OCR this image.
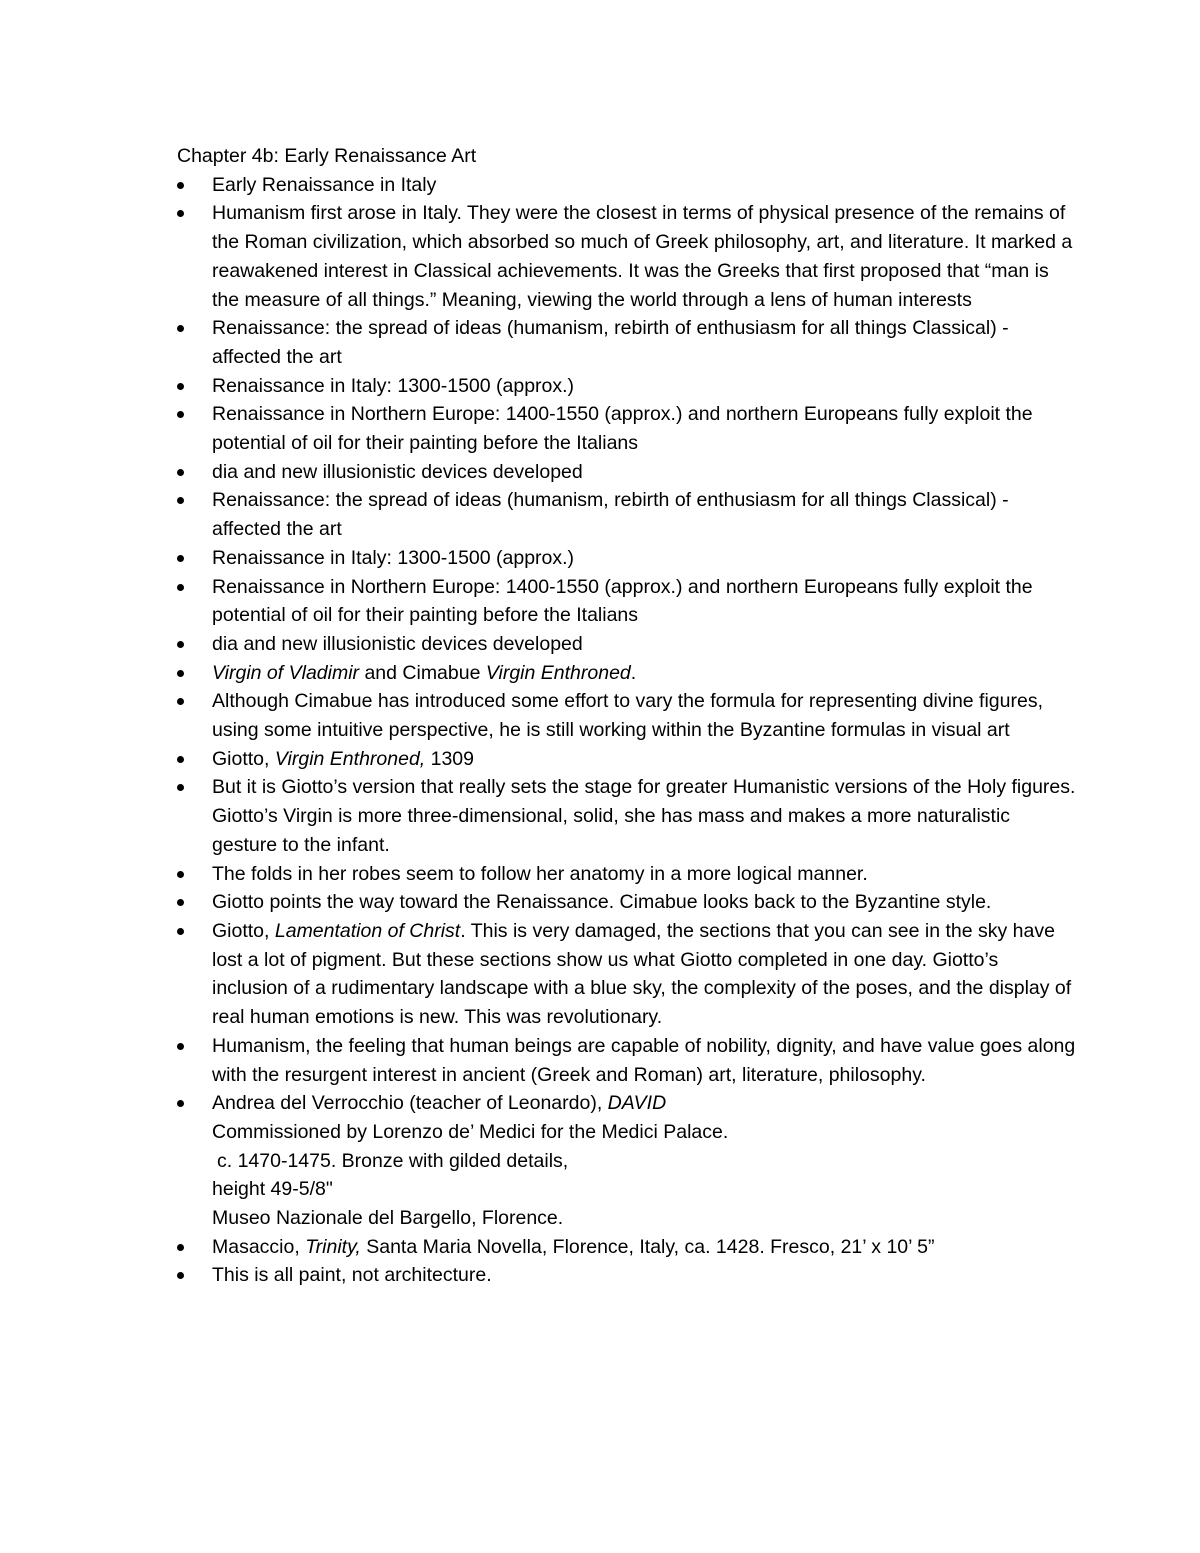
Chapter 4b: Early Renaissance Art
Early Renaissance in Italy
Humanism first arose in Italy. They were the closest in terms of physical presence of the remains of the Roman civilization, which absorbed so much of Greek philosophy, art, and literature. It marked a reawakened interest in Classical achievements. It was the Greeks that first proposed that “man is the measure of all things.” Meaning, viewing the world through a lens of human interests
Renaissance: the spread of ideas (humanism, rebirth of enthusiasm for all things Classical) - affected the art
Renaissance in Italy: 1300-1500 (approx.)
Renaissance in Northern Europe: 1400-1550 (approx.) and northern Europeans fully exploit the potential of oil for their painting before the Italians
dia and new illusionistic devices developed
Renaissance: the spread of ideas (humanism, rebirth of enthusiasm for all things Classical) - affected the art
Renaissance in Italy: 1300-1500 (approx.)
Renaissance in Northern Europe: 1400-1550 (approx.) and northern Europeans fully exploit the potential of oil for their painting before the Italians
dia and new illusionistic devices developed
Virgin of Vladimir and Cimabue Virgin Enthroned.
Although Cimabue has introduced some effort to vary the formula for representing divine figures, using some intuitive perspective, he is still working within the Byzantine formulas in visual art
Giotto, Virgin Enthroned, 1309
But it is Giotto’s version that really sets the stage for greater Humanistic versions of the Holy figures. Giotto’s Virgin is more three-dimensional, solid, she has mass and makes a more naturalistic gesture to the infant.
The folds in her robes seem to follow her anatomy in a more logical manner.
Giotto points the way toward the Renaissance. Cimabue looks back to the Byzantine style.
Giotto, Lamentation of Christ. This is very damaged, the sections that you can see in the sky have lost a lot of pigment. But these sections show us what Giotto completed in one day. Giotto’s inclusion of a rudimentary landscape with a blue sky, the complexity of the poses, and the display of real human emotions is new. This was revolutionary.
Humanism, the feeling that human beings are capable of nobility, dignity, and have value goes along with the resurgent interest in ancient (Greek and Roman) art, literature, philosophy.
Andrea del Verrocchio (teacher of Leonardo), DAVID
Commissioned by Lorenzo de’ Medici for the Medici Palace.
c. 1470-1475. Bronze with gilded details,
height 49-5/8"
Museo Nazionale del Bargello, Florence.
Masaccio, Trinity, Santa Maria Novella, Florence, Italy, ca. 1428. Fresco, 21’ x 10’ 5”
This is all paint, not architecture.
